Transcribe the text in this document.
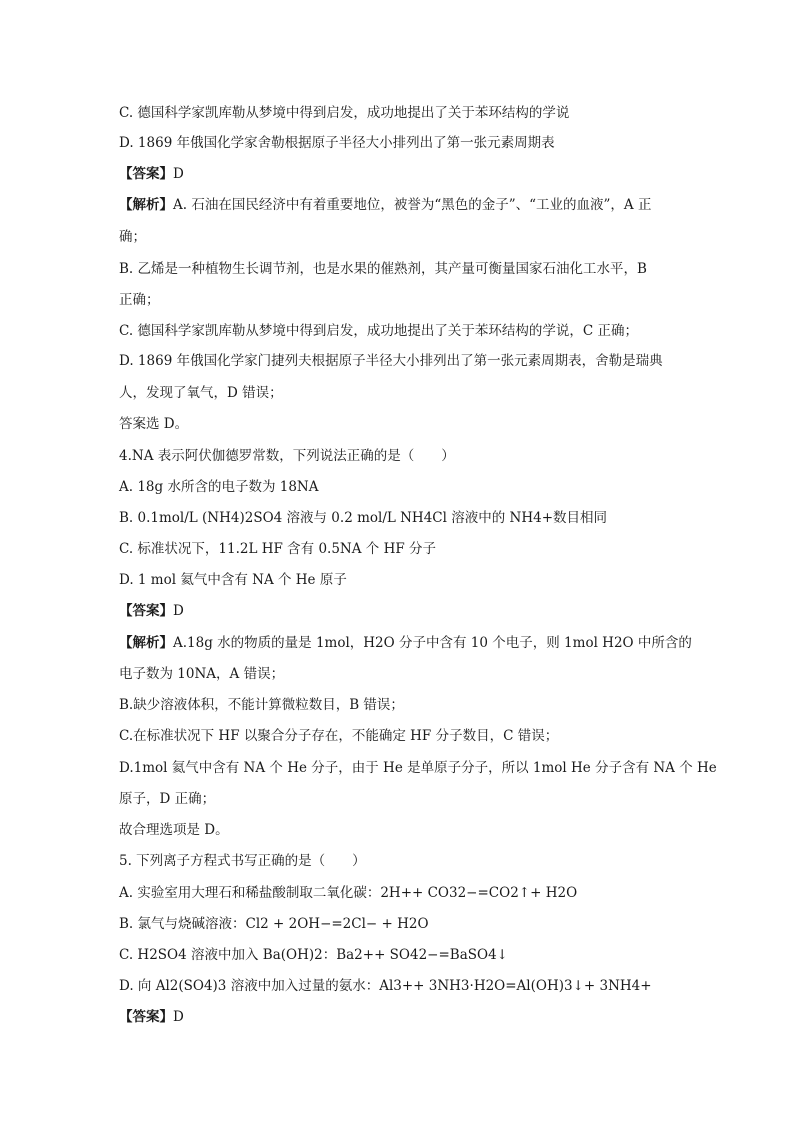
C. 德国科学家凯库勒从梦境中得到启发，成功地提出了关于苯环结构的学说
D. 1869 年俄国化学家舍勒根据原子半径大小排列出了第一张元素周期表
【答案】D
【解析】A. 石油在国民经济中有着重要地位，被誉为“黑色的金子”、“工业的血液”，A 正
确；
B. 乙烯是一种植物生长调节剂，也是水果的催熟剂，其产量可衡量国家石油化工水平，B
正确；
C. 德国科学家凯库勒从梦境中得到启发，成功地提出了关于苯环结构的学说，C 正确；
D. 1869 年俄国化学家门捷列夫根据原子半径大小排列出了第一张元素周期表，舍勒是瑞典
人，发现了氧气，D 错误；
答案选 D。
4.NA 表示阿伏伽德罗常数，下列说法正确的是（　　）
A. 18g 水所含的电子数为 18NA
B. 0.1mol/L (NH4)2SO4 溶液与 0.2 mol/L NH4Cl 溶液中的 NH4+数目相同
C. 标准状况下，11.2L HF 含有 0.5NA 个 HF 分子
D. 1 mol 氦气中含有 NA 个 He 原子
【答案】D
【解析】A.18g 水的物质的量是 1mol，H2O 分子中含有 10 个电子，则 1mol H2O 中所含的
电子数为 10NA，A 错误；
B.缺少溶液体积，不能计算微粒数目，B 错误；
C.在标准状况下 HF 以聚合分子存在，不能确定 HF 分子数目，C 错误；
D.1mol 氦气中含有 NA 个 He 分子，由于 He 是单原子分子，所以 1mol He 分子含有 NA 个 He
原子，D 正确；
故合理选项是 D。
5. 下列离子方程式书写正确的是（　　）
A. 实验室用大理石和稀盐酸制取二氧化碳：2H++ CO32−=CO2↑+ H2O
B. 氯气与烧碱溶液：Cl2 + 2OH−=2Cl− + H2O
C. H2SO4 溶液中加入 Ba(OH)2：Ba2++ SO42−=BaSO4↓
D. 向 Al2(SO4)3 溶液中加入过量的氨水：Al3++ 3NH3·H2O=Al(OH)3↓+ 3NH4+
【答案】D
